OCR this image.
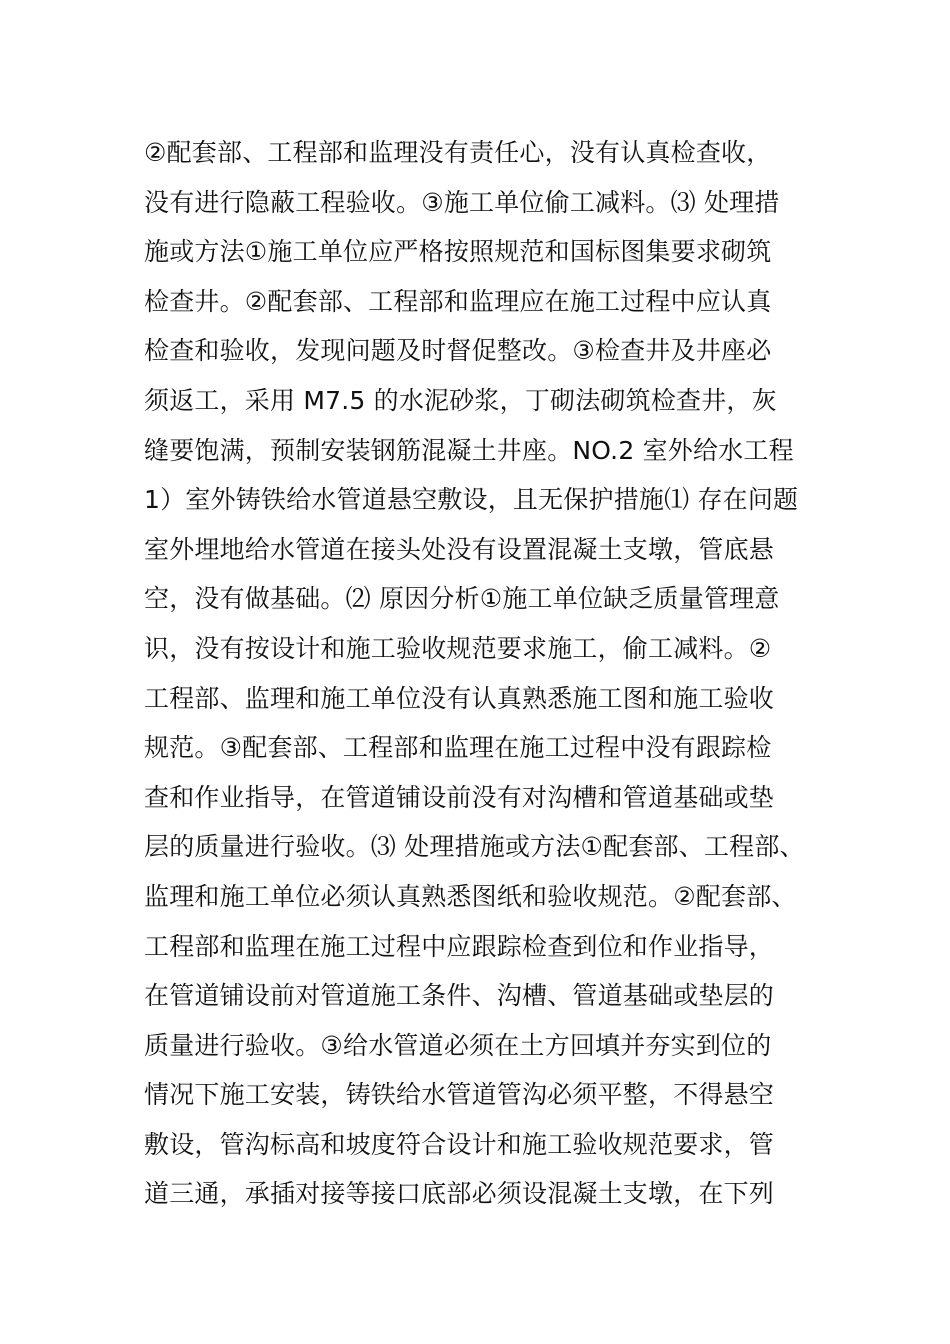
②配套部、工程部和监理没有责任心，没有认真检查收，
没有进行隐蔽工程验收。③施工单位偷工减料。⑶ 处理措
施或方法①施工单位应严格按照规范和国标图集要求砌筑
检查井。②配套部、工程部和监理应在施工过程中应认真
检查和验收，发现问题及时督促整改。③检查井及井座必
须返工，采用 M7.5 的水泥砂浆，丁砌法砌筑检查井，灰
缝要饱满，预制安装钢筋混凝土井座。NO.2 室外给水工程
1）室外铸铁给水管道悬空敷设，且无保护措施⑴ 存在问题
室外埋地给水管道在接头处没有设置混凝土支墩，管底悬
空，没有做基础。⑵ 原因分析①施工单位缺乏质量管理意
识，没有按设计和施工验收规范要求施工，偷工减料。②
工程部、监理和施工单位没有认真熟悉施工图和施工验收
规范。③配套部、工程部和监理在施工过程中没有跟踪检
查和作业指导，在管道铺设前没有对沟槽和管道基础或垫
层的质量进行验收。⑶ 处理措施或方法①配套部、工程部、
监理和施工单位必须认真熟悉图纸和验收规范。②配套部、
工程部和监理在施工过程中应跟踪检查到位和作业指导，
在管道铺设前对管道施工条件、沟槽、管道基础或垫层的
质量进行验收。③给水管道必须在土方回填并夯实到位的
情况下施工安装，铸铁给水管道管沟必须平整，不得悬空
敷设，管沟标高和坡度符合设计和施工验收规范要求，管
道三通，承插对接等接口底部必须设混凝土支墩，在下列
